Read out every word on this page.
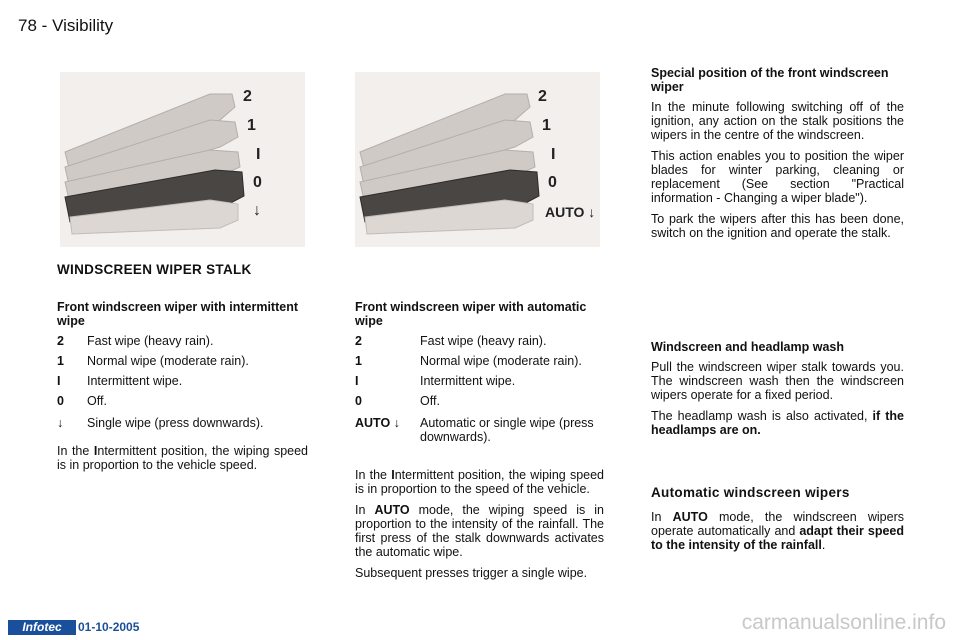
78 - Visibility
2
1
I
0
↓
2
1
I
0
AUTO ↓
WINDSCREEN WIPER STALK
Front windscreen wiper with intermittent wipe
2	Fast wipe (heavy rain).
1	Normal wipe (moderate rain).
I	Intermittent wipe.
0	Off.
↓	Single wipe (press downwards).

In the Intermittent position, the wiping speed is in proportion to the vehicle speed.

Front windscreen wiper with automatic wipe
2	Fast wipe (heavy rain).
1	Normal wipe (moderate rain).
I	Intermittent wipe.
0	Off.
AUTO ↓	Automatic or single wipe (press downwards).

In the Intermittent position, the wiping speed is in proportion to the speed of the vehicle.

In AUTO mode, the wiping speed is in proportion to the intensity of the rainfall. The first press of the stalk downwards activates the automatic wipe.

Subsequent presses trigger a single wipe.

Special position of the front windscreen wiper

In the minute following switching off of the ignition, any action on the stalk positions the wipers in the centre of the windscreen.

This action enables you to position the wiper blades for winter parking, cleaning or replacement (See section "Practical information - Changing a wiper blade").

To park the wipers after this has been done, switch on the ignition and operate the stalk.

Windscreen and headlamp wash

Pull the windscreen wiper stalk towards you. The windscreen wash then the windscreen wipers operate for a fixed period.

The headlamp wash is also activated, if the headlamps are on.

Automatic windscreen wipers

In AUTO mode, the windscreen wipers operate automatically and adapt their speed to the intensity of the rainfall.

Infotec	01-10-2005	carmanualsonline.info
